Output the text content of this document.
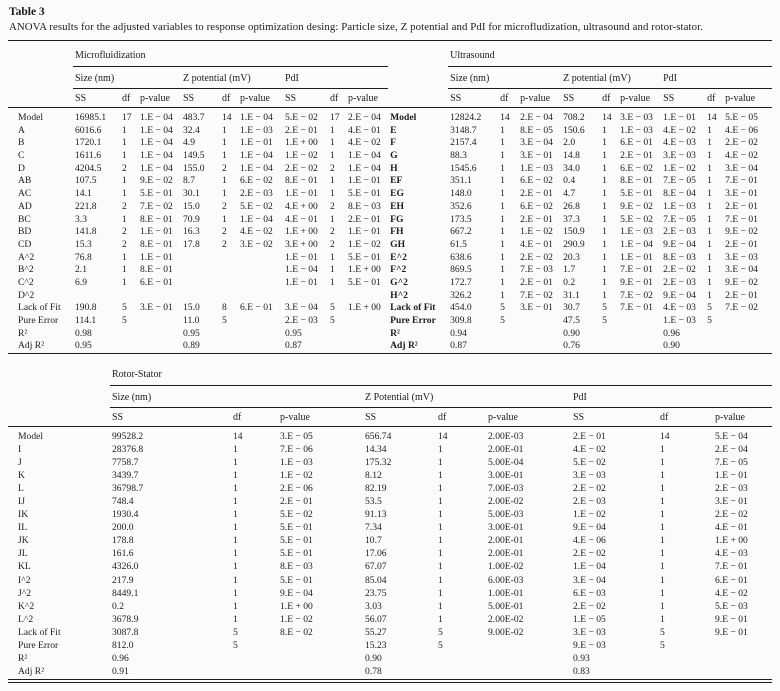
Table 3
ANOVA results for the adjusted variables to response optimization desing: Particle size, Z potential and PdI for microfludization, ultrasound and rotor-stator.
	Microfluidization										Ultrasound								
	Size (nm)			Z potential (mV)			PdI				Size (nm)			Z potential (mV)			PdI		
	SS	df	p-value	SS	df	p-value	SS	df	p-value		SS	df	p-value	SS	df	p-value	SS	df	p-value
Model	16985.1	17	1.E − 04	483.7	14	1.E − 04	5.E − 02	17	2.E − 04	Model	12824.2	14	2.E − 04	708.2	14	3.E − 03	1.E − 01	14	5.E − 05
A	6016.6	1	1.E − 04	32.4	1	1.E − 03	2.E − 01	1	4.E − 01	E	3148.7	1	8.E − 05	150.6	1	1.E − 03	4.E − 02	1	4.E − 06
B	1720.1	1	1.E − 04	4.9	1	1.E − 01	1.E + 00	1	4.E − 02	F	2157.4	1	3.E − 04	2.0	1	6.E − 01	4.E − 03	1	2.E − 02
C	1611.6	1	1.E − 04	149.5	1	1.E − 04	1.E − 02	1	1.E − 04	G	88.3	1	3.E − 01	14.8	1	2.E − 01	3.E − 03	1	4.E − 02
D	4204.5	2	1.E − 04	155.0	2	1.E − 04	2.E − 02	2	1.E − 04	H	1545.6	1	1.E − 03	34.0	1	6.E − 02	1.E − 02	1	3.E − 04
AB	107.5	1	9.E − 02	8.7	1	6.E − 02	8.E − 01	1	1.E − 01	EF	351.1	1	6.E − 02	0.4	1	8.E − 01	7.E − 05	1	7.E − 01
AC	14.1	1	5.E − 01	30.1	1	2.E − 03	1.E − 01	1	5.E − 01	EG	148.0	1	2.E − 01	4.7	1	5.E − 01	8.E − 04	1	3.E − 01
AD	221.8	2	7.E − 02	15.0	2	5.E − 02	4.E + 00	2	8.E − 03	EH	352.6	1	6.E − 02	26.8	1	9.E − 02	1.E − 03	1	2.E − 01
BC	3.3	1	8.E − 01	70.9	1	1.E − 04	4.E − 01	1	2.E − 01	FG	173.5	1	2.E − 01	37.3	1	5.E − 02	7.E − 05	1	7.E − 01
BD	141.8	2	1.E − 01	16.3	2	4.E − 02	1.E + 00	2	1.E − 01	FH	667.2	1	1.E − 02	150.9	1	1.E − 03	2.E − 03	1	9.E − 02
CD	15.3	2	8.E − 01	17.8	2	3.E − 02	3.E + 00	2	1.E − 02	GH	61.5	1	4.E − 01	290.9	1	1.E − 04	9.E − 04	1	2.E − 01
A^2	76.8	1	1.E − 01				1.E − 01	1	5.E − 01	E^2	638.6	1	2.E − 02	20.3	1	1.E − 01	8.E − 03	1	3.E − 03
B^2	2.1	1	8.E − 01				1.E − 04	1	1.E + 00	F^2	869.5	1	7.E − 03	1.7	1	7.E − 01	2.E − 02	1	3.E − 04
C^2	6.9	1	6.E − 01				1.E − 01	1	5.E − 01	G^2	172.7	1	2.E − 01	0.2	1	9.E − 01	2.E − 03	1	9.E − 02
D^2										H^2	326.2	1	7.E − 02	31.1	1	7.E − 02	9.E − 04	1	2.E − 01
Lack of Fit	190.8	5	3.E − 01	15.0	8	6.E − 01	3.E − 04	5	1.E + 00	Lack of Fit	454.0	5	3.E − 01	30.7	5	7.E − 01	4.E − 03	5	7.E − 02
Pure Error	114.1	5		11.0	5		2.E − 03	5		Pure Error	309.8	5		47.5	5		1.E − 03	5	
R²	0.98			0.95			0.95			R²	0.94			0.90			0.96		
Adj R²	0.95			0.89			0.87			Adj R²	0.87			0.76			0.90		
	Rotor-Stator								
	Size (nm)			Z Potential (mV)			PdI		
	SS	df	p-value	SS	df	p-value	SS	df	p-value
Model	99528.2	14	3.E − 05	656.74	14	2.00E-03	2.E − 01	14	5.E − 04
I	28376.8	1	7.E − 06	14.34	1	2.00E-01	4.E − 02	1	2.E − 04
J	7758.7	1	1.E − 03	175.32	1	5.00E-04	5.E − 02	1	7.E − 05
K	3439.7	1	1.E − 02	8.12	1	3.00E-01	3.E − 03	1	1.E − 01
L	36798.7	1	2.E − 06	82.19	1	7.00E-03	2.E − 02	1	2.E − 03
IJ	748.4	1	2.E − 01	53.5	1	2.00E-02	2.E − 03	1	3.E − 01
IK	1930.4	1	5.E − 02	91.13	1	5.00E-03	1.E − 02	1	2.E − 02
IL	200.0	1	5.E − 01	7.34	1	3.00E-01	9.E − 04	1	4.E − 01
JK	178.8	1	5.E − 01	10.7	1	2.00E-01	4.E − 06	1	1.E + 00
JL	161.6	1	5.E − 01	17.06	1	2.00E-01	2.E − 02	1	4.E − 03
KL	4326.0	1	8.E − 03	67.07	1	1.00E-02	1.E − 04	1	7.E − 01
I^2	217.9	1	5.E − 01	85.04	1	6.00E-03	3.E − 04	1	6.E − 01
J^2	8449.1	1	9.E − 04	23.75	1	1.00E-01	6.E − 03	1	4.E − 02
K^2	0.2	1	1.E + 00	3.03	1	5.00E-01	2.E − 02	1	5.E − 03
L^2	3678.9	1	1.E − 02	56.07	1	2.00E-02	1.E − 05	1	9.E − 01
Lack of Fit	3087.8	5	8.E − 02	55.27	5	9.00E-02	3.E − 03	5	9.E − 01
Pure Error	812.0	5		15.23	5		9.E − 03	5	
R²	0.96			0.90			0.93		
Adj R²	0.91			0.78			0.83		
